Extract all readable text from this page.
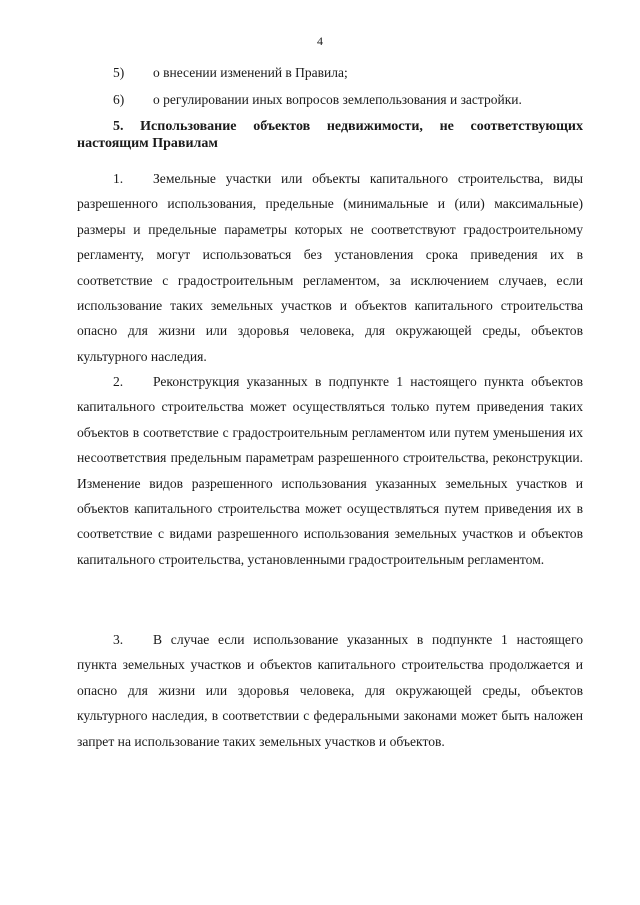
4
5) о внесении изменений в Правила;
6) о регулировании иных вопросов землепользования и застройки.
5. Использование объектов недвижимости, не соответствующих настоящим Правилам
1. Земельные участки или объекты капитального строительства, виды разрешенного использования, предельные (минимальные и (или) максимальные) размеры и предельные параметры которых не соответствуют градостроительному регламенту, могут использоваться без установления срока приведения их в соответствие с градостроительным регламентом, за исключением случаев, если использование таких земельных участков и объектов капитального строительства опасно для жизни или здоровья человека, для окружающей среды, объектов культурного наследия.
2. Реконструкция указанных в подпункте 1 настоящего пункта объектов капитального строительства может осуществляться только путем приведения таких объектов в соответствие с градостроительным регламентом или путем уменьшения их несоответствия предельным параметрам разрешенного строительства, реконструкции. Изменение видов разрешенного использования указанных земельных участков и объектов капитального строительства может осуществляться путем приведения их в соответствие с видами разрешенного использования земельных участков и объектов капитального строительства, установленными градостроительным регламентом.
3. В случае если использование указанных в подпункте 1 настоящего пункта земельных участков и объектов капитального строительства продолжается и опасно для жизни или здоровья человека, для окружающей среды, объектов культурного наследия, в соответствии с федеральными законами может быть наложен запрет на использование таких земельных участков и объектов.
